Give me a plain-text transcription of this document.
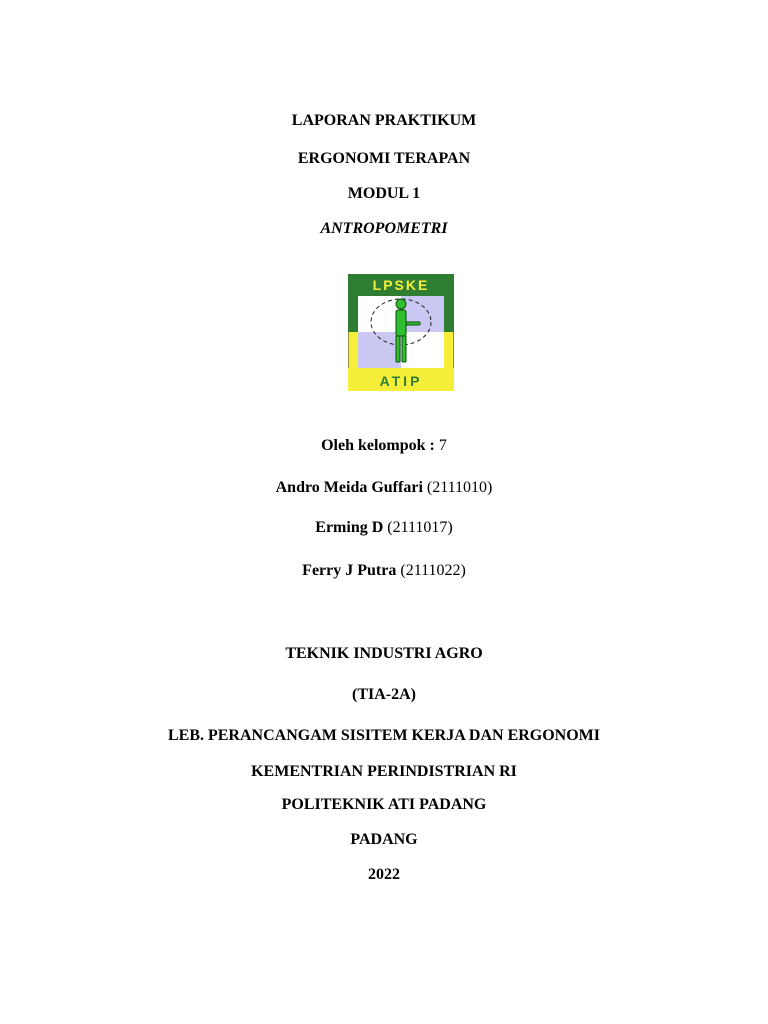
LAPORAN PRAKTIKUM
ERGONOMI TERAPAN
MODUL 1
ANTROPOMETRI
LPSKE
ATIP
Oleh kelompok : 7
Andro Meida Guffari (2111010)
Erming D (2111017)
Ferry J Putra (2111022)
TEKNIK INDUSTRI AGRO
(TIA-2A)
LEB. PERANCANGAM SISITEM KERJA DAN ERGONOMI
KEMENTRIAN PERINDISTRIAN RI
POLITEKNIK ATI PADANG
PADANG
2022
